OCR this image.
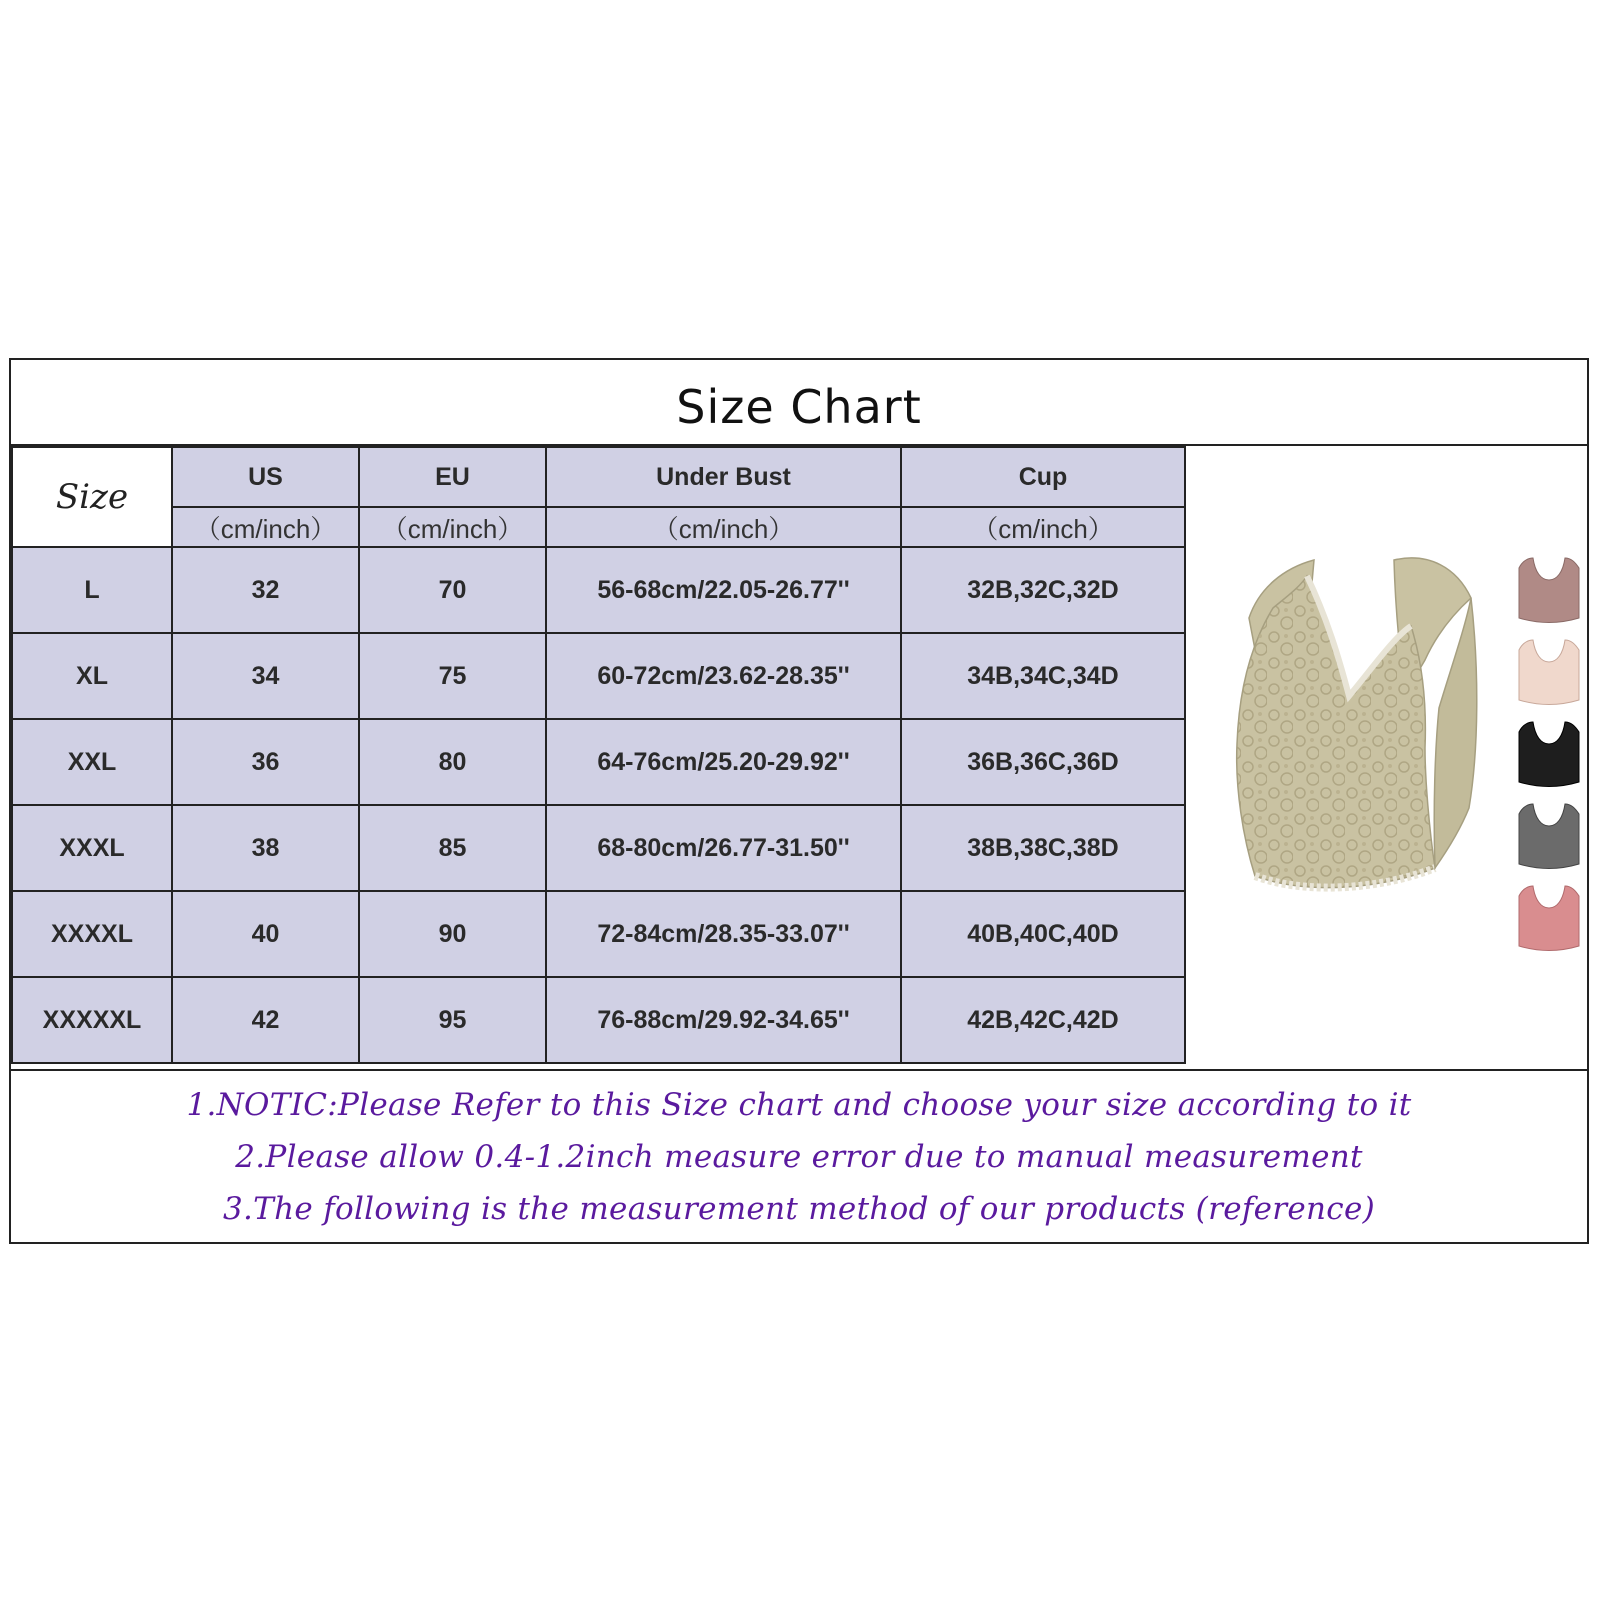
Size Chart
Size	US	EU	Under Bust	Cup
	（cm/inch）	（cm/inch）	（cm/inch）	（cm/inch）
L	32	70	56-68cm/22.05-26.77''	32B,32C,32D
XL	34	75	60-72cm/23.62-28.35''	34B,34C,34D
XXL	36	80	64-76cm/25.20-29.92''	36B,36C,36D
XXXL	38	85	68-80cm/26.77-31.50''	38B,38C,38D
XXXXL	40	90	72-84cm/28.35-33.07''	40B,40C,40D
XXXXXL	42	95	76-88cm/29.92-34.65''	42B,42C,42D
1.NOTIC:Please Refer to this Size chart and choose your size according to it
2.Please allow 0.4-1.2inch measure error due to manual measurement
3.The following is the measurement method of our products (reference)
